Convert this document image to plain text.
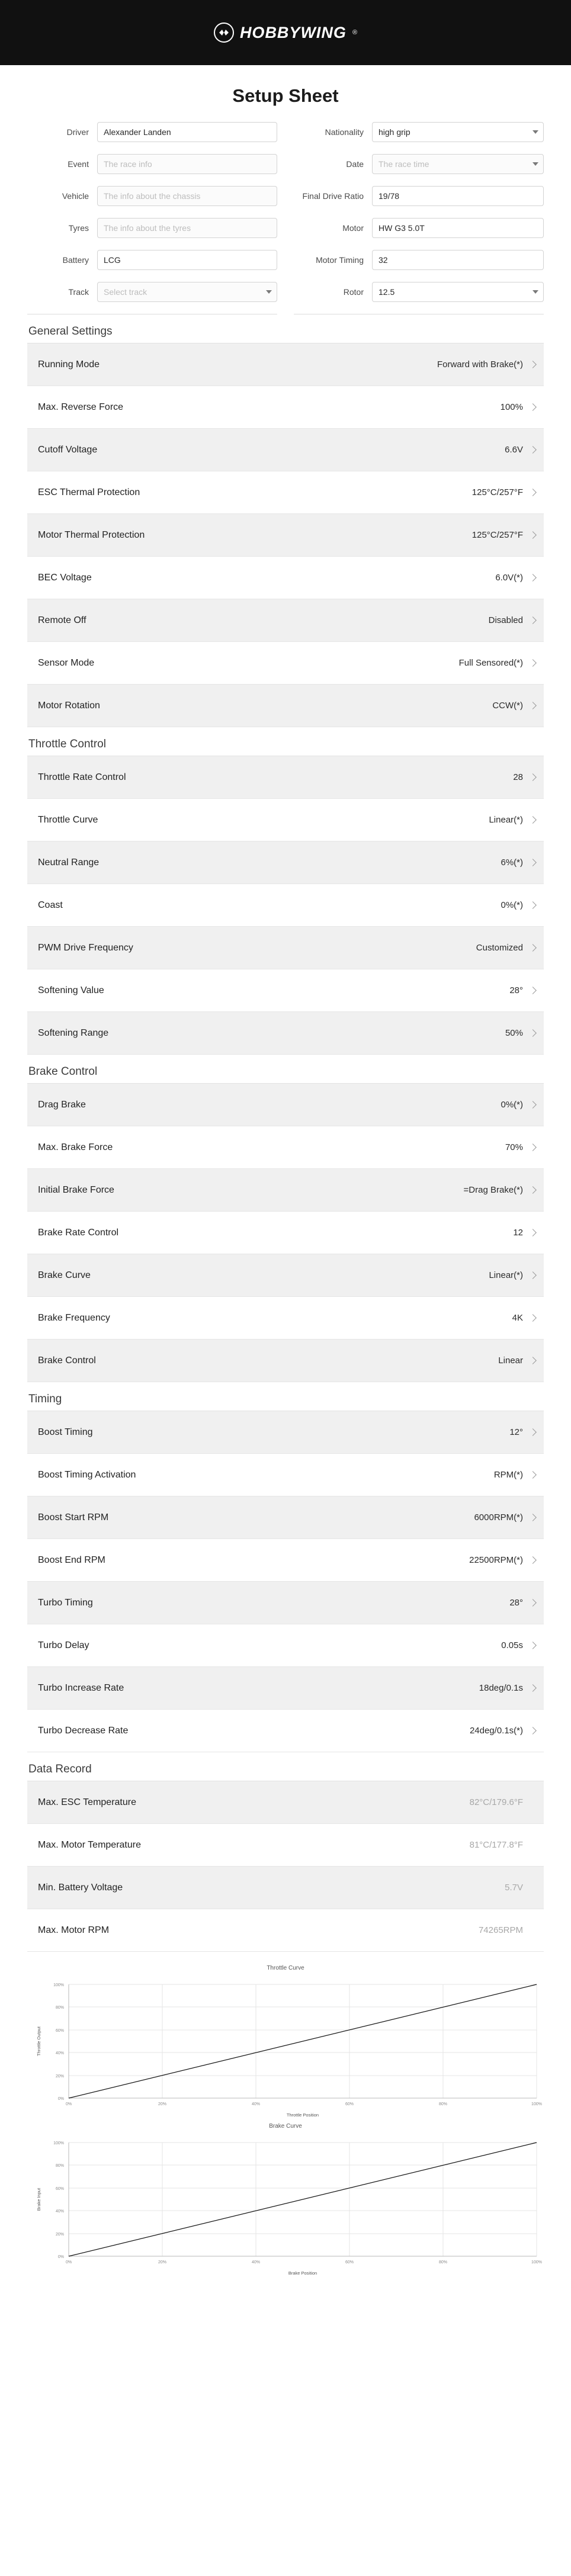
HOBBYWING ®
Setup Sheet
Driver	Alexander Landen	Nationality	high grip
Event	The race info	Date	The race time
Vehicle	The info about the chassis	Final Drive Ratio	19/78
Tyres	The info about the tyres	Motor	HW G3 5.0T
Battery	LCG	Motor Timing	32
Track	Select track	Rotor	12.5
General Settings
Running Mode	Forward with Brake(*)
Max. Reverse Force	100%
Cutoff Voltage	6.6V
ESC Thermal Protection	125°C/257°F
Motor Thermal Protection	125°C/257°F
BEC Voltage	6.0V(*)
Remote Off	Disabled
Sensor Mode	Full Sensored(*)
Motor Rotation	CCW(*)
Throttle Control
Throttle Rate Control	28
Throttle Curve	Linear(*)
Neutral Range	6%(*)
Coast	0%(*)
PWM Drive Frequency	Customized
Softening Value	28°
Softening Range	50%
Brake Control
Drag Brake	0%(*)
Max. Brake Force	70%
Initial Brake Force	=Drag Brake(*)
Brake Rate Control	12
Brake Curve	Linear(*)
Brake Frequency	4K
Brake Control	Linear
Timing
Boost Timing	12°
Boost Timing Activation	RPM(*)
Boost Start RPM	6000RPM(*)
Boost End RPM	22500RPM(*)
Turbo Timing	28°
Turbo Delay	0.05s
Turbo Increase Rate	18deg/0.1s
Turbo Decrease Rate	24deg/0.1s(*)
Data Record
Max. ESC Temperature	82°C/179.6°F
Max. Motor Temperature	81°C/177.8°F
Min. Battery Voltage	5.7V
Max. Motor RPM	74265RPM
Throttle Curve
0%	20%	40%	60%	80%	100%
0%
20%
40%
60%
80%
100%
Throttle Position
Throttle Output
Brake Curve
0%	20%	40%	60%	80%	100%
0%
20%
40%
60%
80%
100%
Brake Position
Brake Input
